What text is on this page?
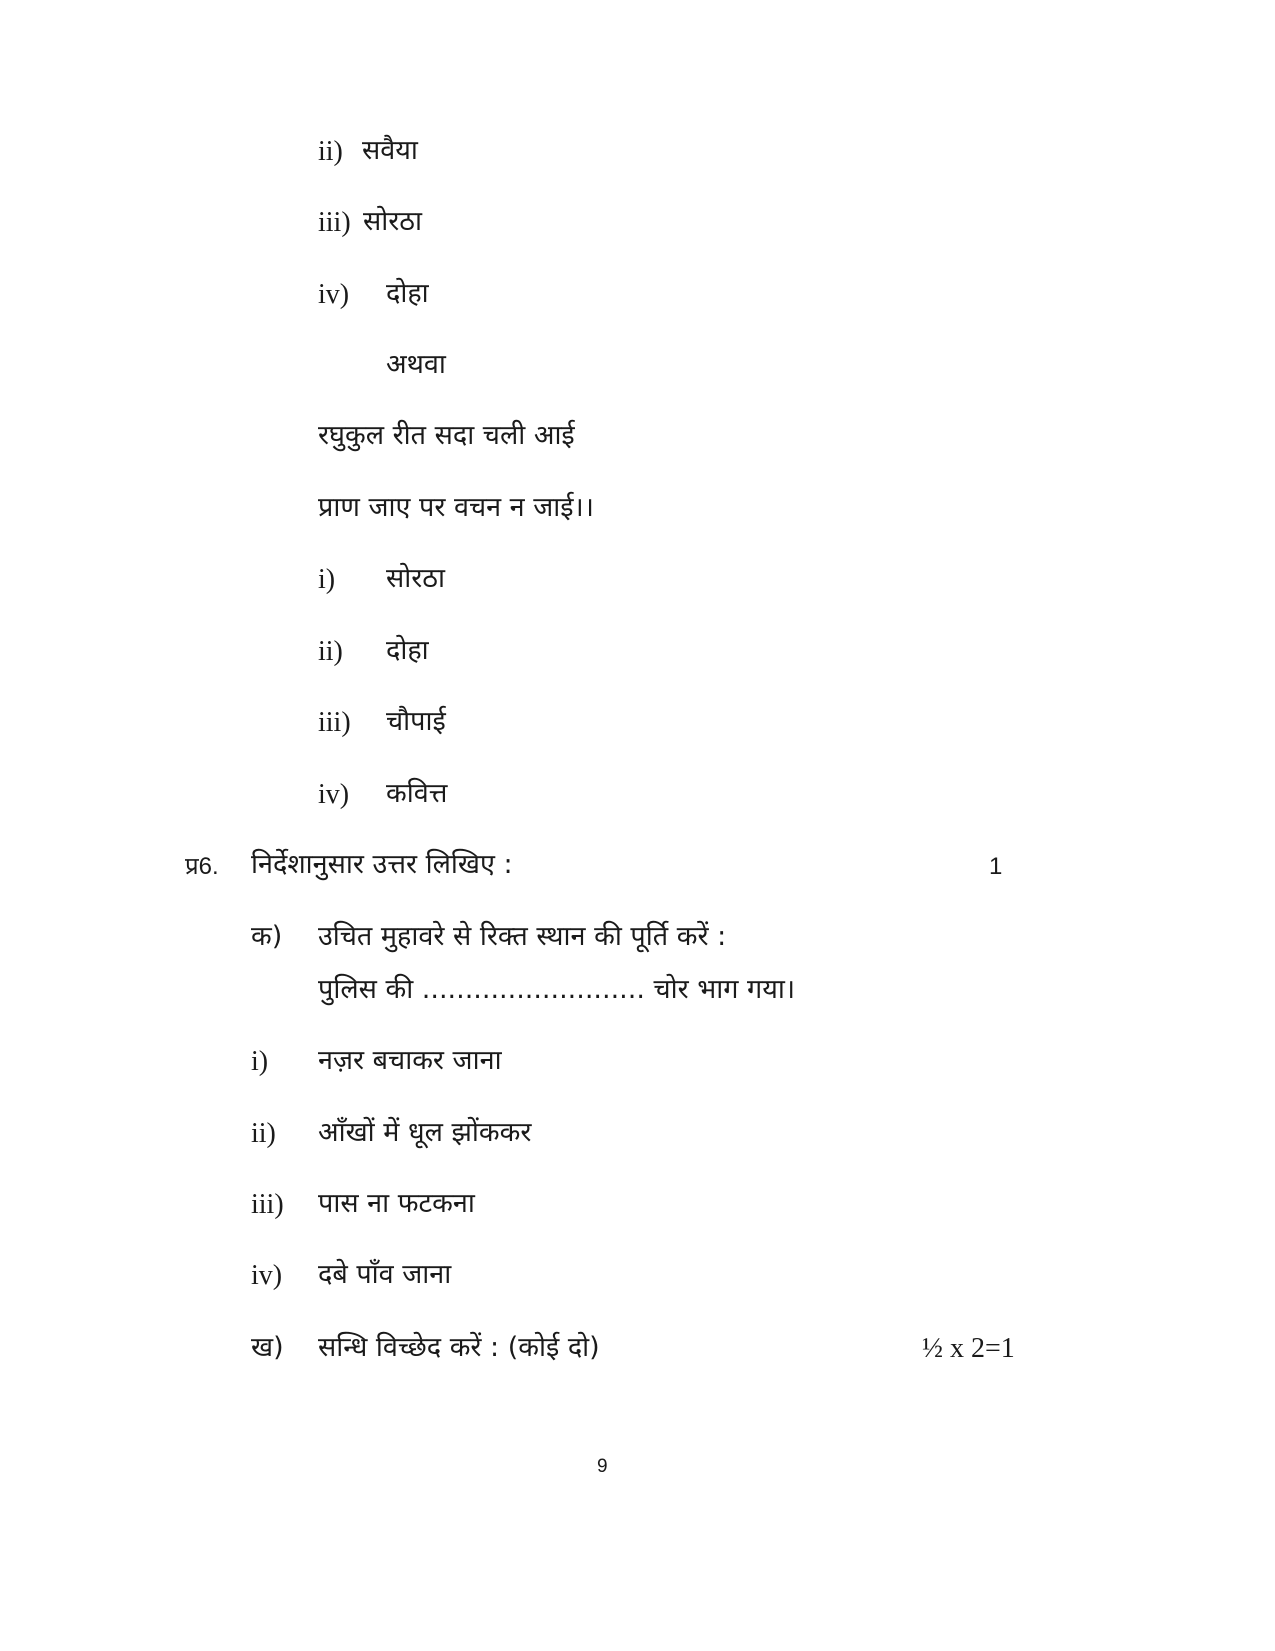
ii) सवैया
iii) सोरठा
iv) दोहा
अथवा
रघुकुल रीत सदा चली आई
प्राण जाए पर वचन न जाई।।
i) सोरठा
ii) दोहा
iii) चौपाई
iv) कवित्त
प्र6. निर्देशानुसार उत्तर लिखिए :	1
क) उचित मुहावरे से रिक्त स्थान की पूर्ति करें :
पुलिस की .......................... चोर भाग गया।
i) नज़र बचाकर जाना
ii) आँखों में धूल झोंककर
iii) पास ना फटकना
iv) दबे पाँव जाना
ख) सन्धि विच्छेद करें : (कोई दो)	½ x 2=1
9
